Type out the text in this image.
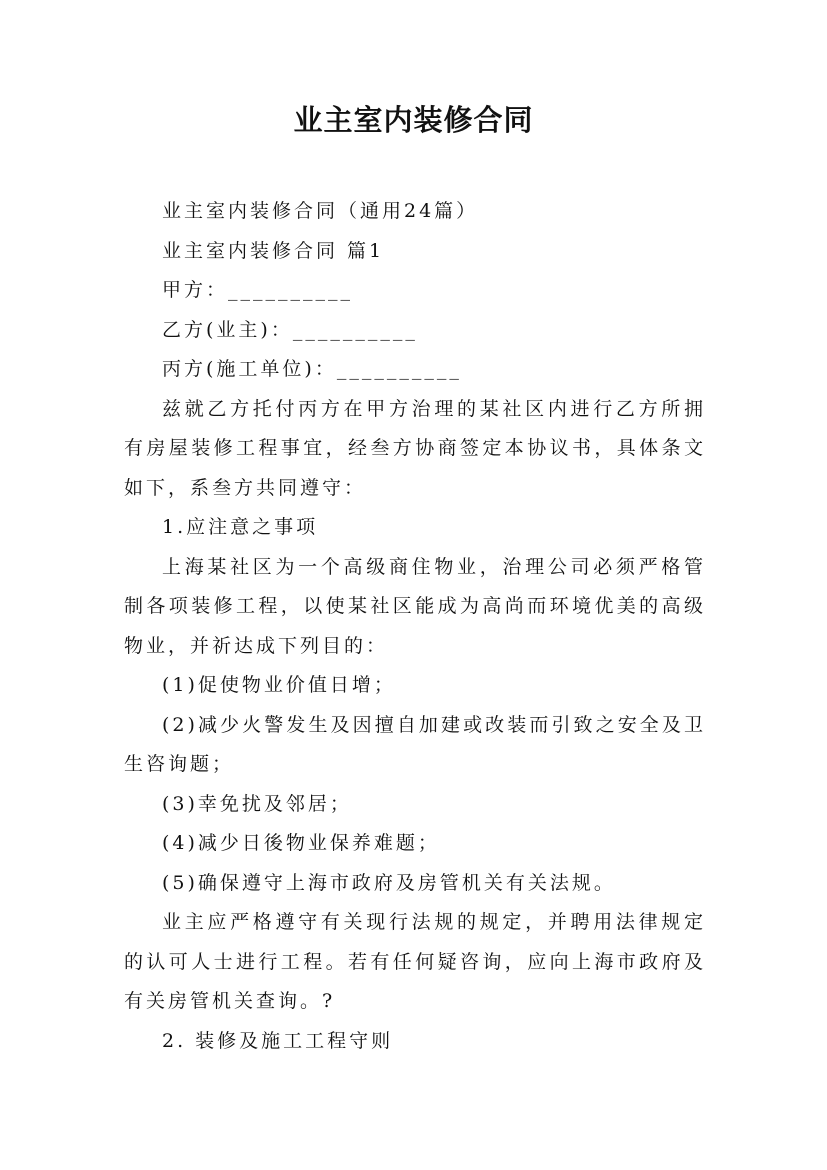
业主室内装修合同

业主室内装修合同（通用24篇）

业主室内装修合同 篇1

甲方：__________

乙方(业主)：__________

丙方(施工单位)：__________

兹就乙方托付丙方在甲方治理的某社区内进行乙方所拥有房屋装修工程事宜，经叁方协商签定本协议书，具体条文如下，系叁方共同遵守：

1.应注意之事项

上海某社区为一个高级商住物业，治理公司必须严格管制各项装修工程，以使某社区能成为高尚而环境优美的高级物业，并祈达成下列目的：

(1)促使物业价值日增；

(2)减少火警发生及因擅自加建或改装而引致之安全及卫生咨询题；

(3)幸免扰及邻居；

(4)减少日後物业保养难题；

(5)确保遵守上海市政府及房管机关有关法规。

业主应严格遵守有关现行法规的规定，并聘用法律规定的认可人士进行工程。若有任何疑咨询，应向上海市政府及有关房管机关查询。?

2. 装修及施工工程守则
